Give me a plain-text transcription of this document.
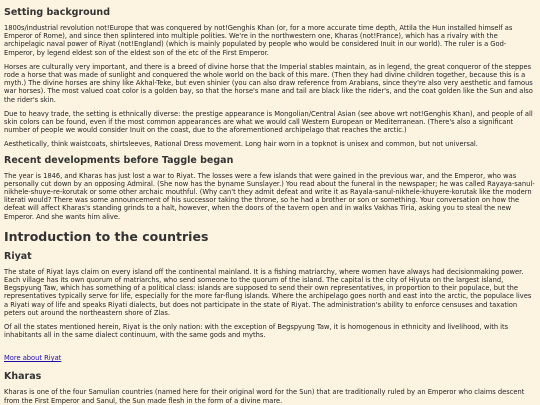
Setting background

1800s/industrial revolution not!Europe that was conquered by not!Genghis Khan (or, for a more accurate time depth, Attila the Hun installed himself as Emperor of Rome), and since then splintered into multiple polities. We're in the northwestern one, Kharas (not!France), which has a rivalry with the archipelagic naval power of Riyat (not!England) (which is mainly populated by people who would be considered Inuit in our world). The ruler is a God-Emperor, by legend eldest son of the eldest son of the etc of the First Emperor.

Horses are culturally very important, and there is a breed of divine horse that the Imperial stables maintain, as in legend, the great conqueror of the steppes rode a horse that was made of sunlight and conquered the whole world on the back of this mare. (Then they had divine children together, because this is a myth.) The divine horses are shiny like Akhal-Teke, but even shinier (you can also draw reference from Arabians, since they're also very aesthetic and famous war horses). The most valued coat color is a golden bay, so that the horse's mane and tail are black like the rider's, and the coat golden like the Sun and also the rider's skin.

Due to heavy trade, the setting is ethnically diverse: the prestige appearance is Mongolian/Central Asian (see above wrt not!Genghis Khan), and people of all skin colors can be found, even if the most common appearances are what we would call Western European or Mediterranean. (There's also a significant number of people we would consider Inuit on the coast, due to the aforementioned archipelago that reaches the arctic.)

Aesthetically, think waistcoats, shirtsleeves, Rational Dress movement. Long hair worn in a topknot is unisex and common, but not universal.

Recent developments before Taggle began

The year is 1846, and Kharas has just lost a war to Riyat. The losses were a few islands that were gained in the previous war, and the Emperor, who was personally cut down by an opposing Admiral. (She now has the byname Sunslayer.) You read about the funeral in the newspaper; he was called Rayaya-sanul-nikhele-shuye-re-korutak or some other archaic mouthful. (Why can't they admit defeat and write it as Rayala-sanul-nikhele-khuyere-korutak like the modern literati would? There was some announcement of his successor taking the throne, so he had a brother or son or something. Your conversation on how the defeat will affect Kharas's standing grinds to a halt, however, when the doors of the tavern open and in walks Vakhas Tiria, asking you to steal the new Emperor. And she wants him alive.

Introduction to the countries
Riyat

The state of Riyat lays claim on every island off the continental mainland. It is a fishing matriarchy, where women have always had decisionmaking power. Each village has its own quorum of matriarchs, who send someone to the quorum of the island. The capital is the city of Hiyuta on the largest island, Begspyung Taw, which has something of a political class: islands are supposed to send their own representatives, in proportion to their populace, but the representatives typically serve for life, especially for the more far-flung islands. Where the archipelago goes north and east into the arctic, the populace lives a Riyati way of life and speaks Riyati dialects, but does not participate in the state of Riyat. The administration's ability to enforce censuses and taxation peters out around the northeastern shore of Zlas.

Of all the states mentioned herein, Riyat is the only nation: with the exception of Begspyung Taw, it is homogenous in ethnicity and livelihood, with its inhabitants all in the same dialect continuum, with the same gods and myths.

More about Riyat
Kharas

Kharas is one of the four Samulian countries (named here for their original word for the Sun) that are traditionally ruled by an Emperor who claims descent from the First Emperor and Sanul, the Sun made flesh in the form of a divine mare.
